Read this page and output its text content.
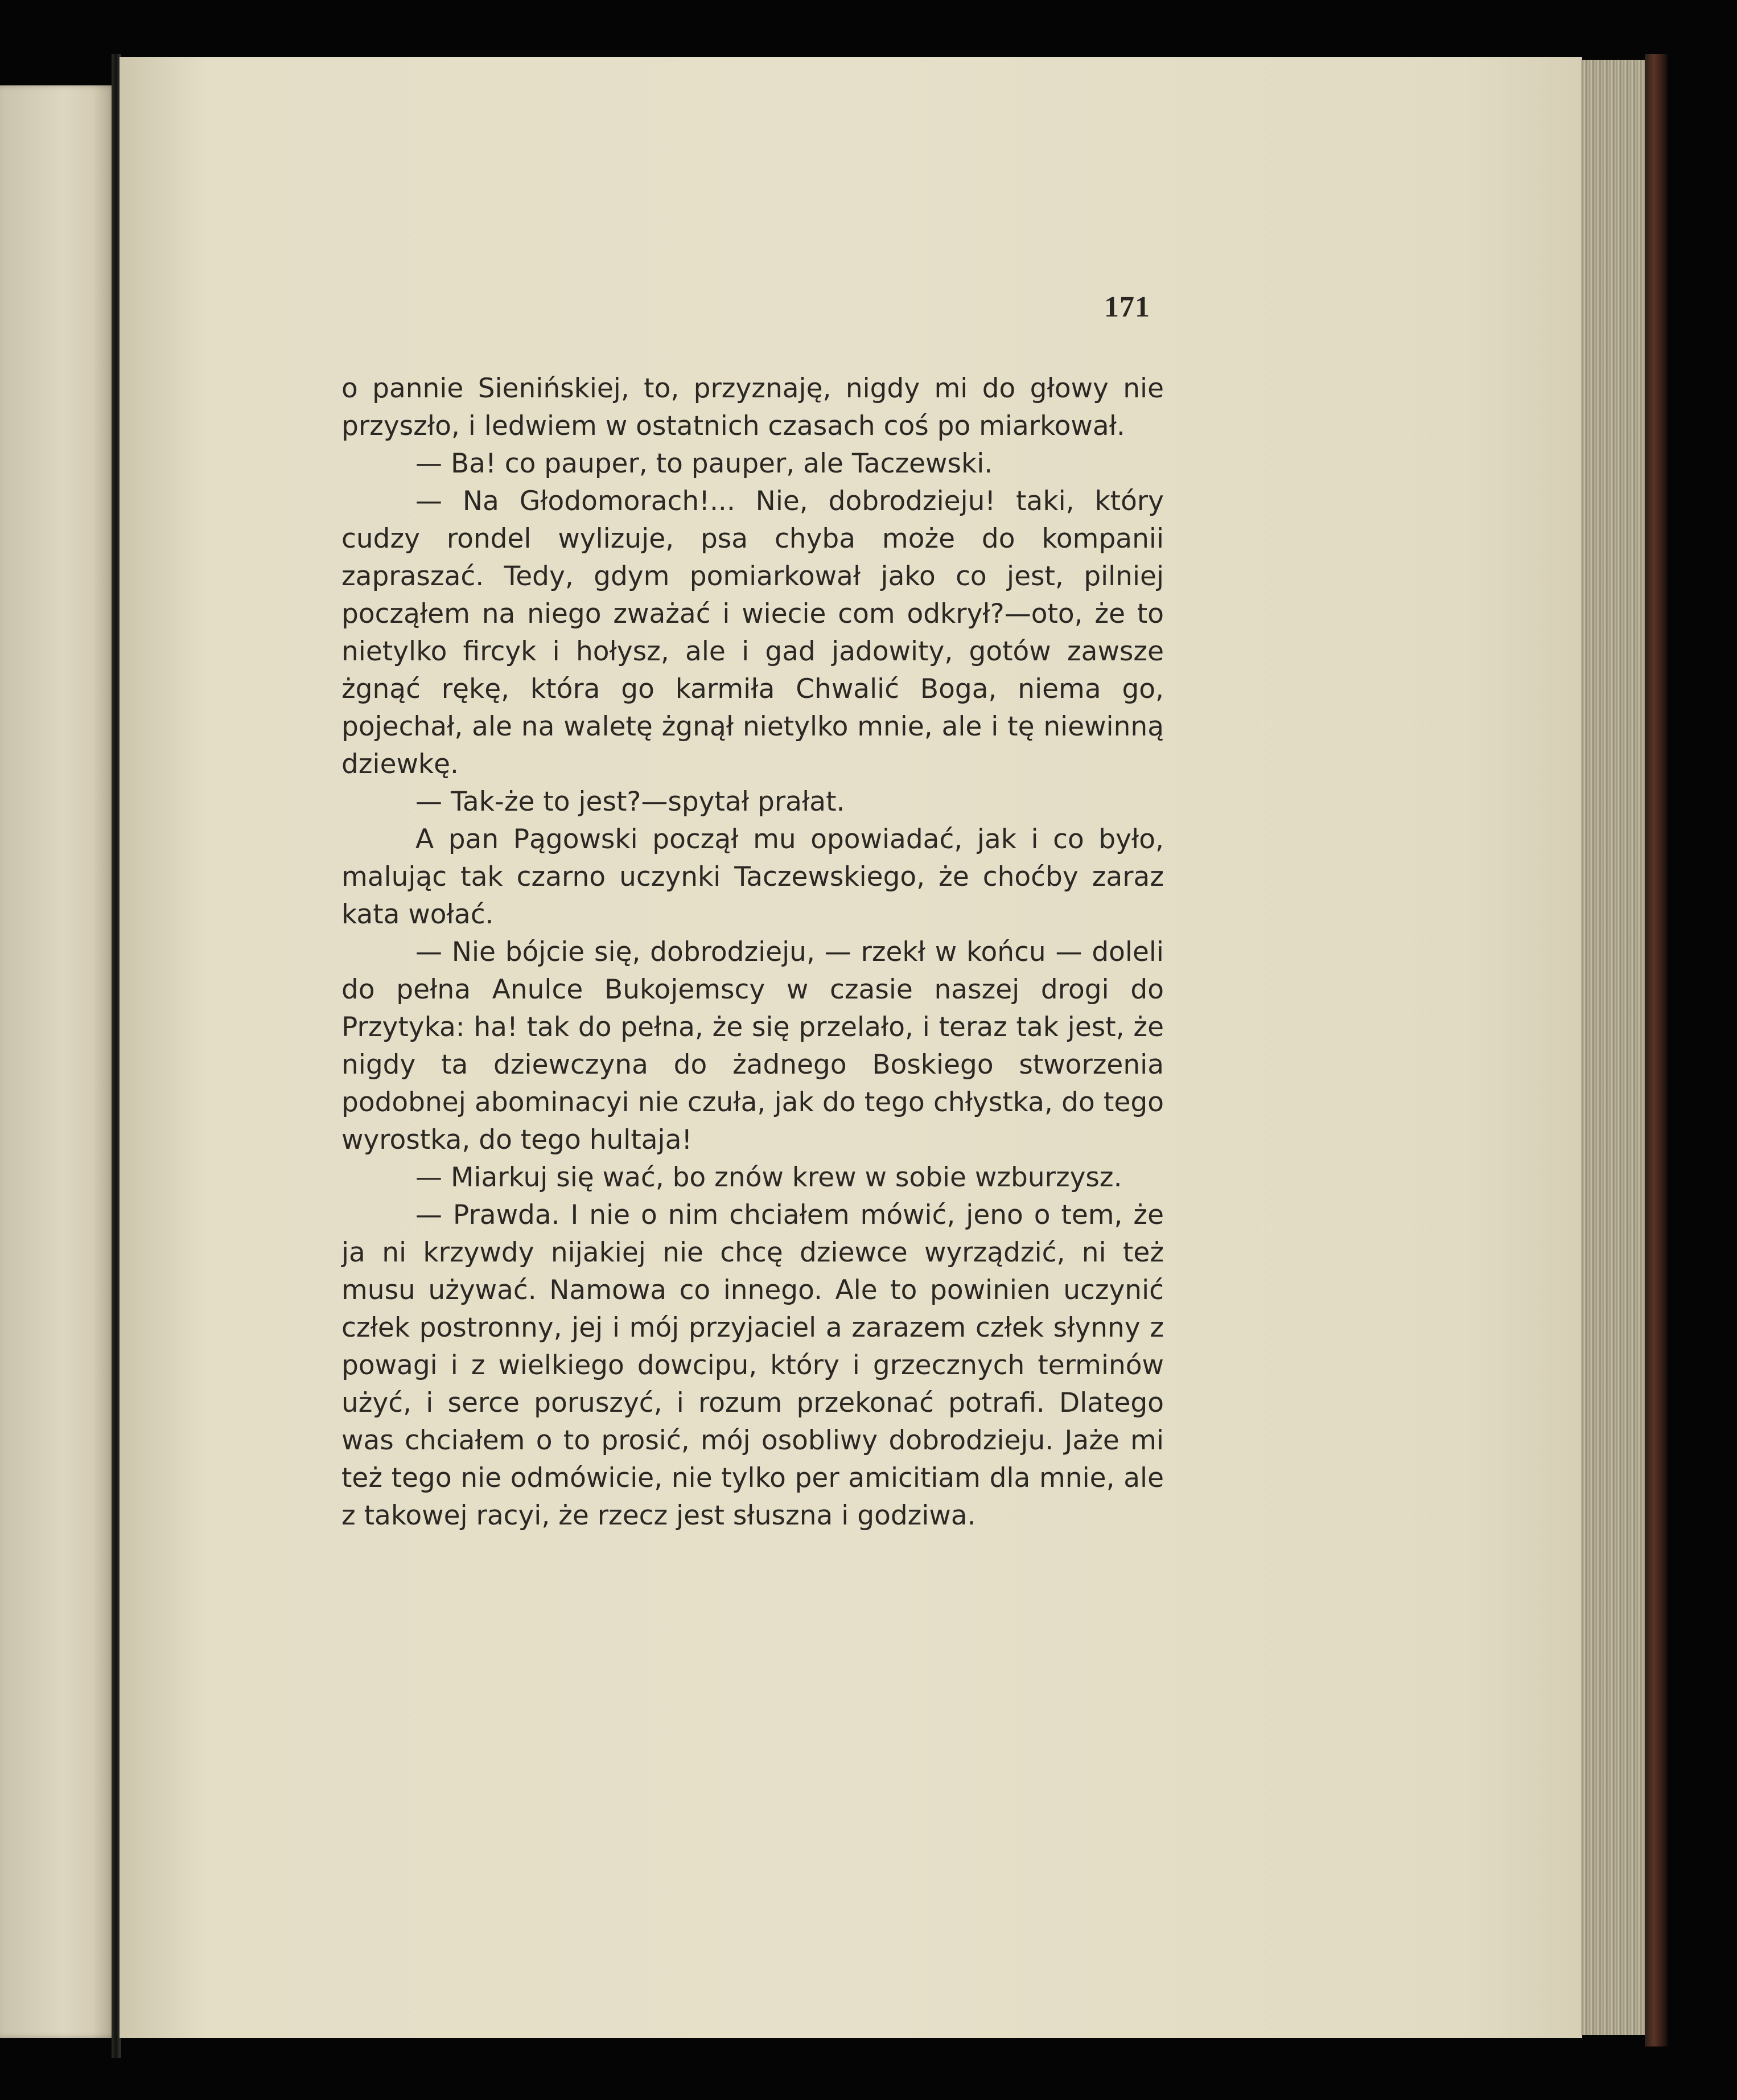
171

o pannie Sienińskiej, to, przyznaję, nigdy mi do głowy nie przyszło, i ledwiem w ostatnich czasach coś po miarkował.

— Ba! co pauper, to pauper, ale Taczewski.

— Na Głodomorach!... Nie, dobrodzieju! taki, który cudzy rondel wylizuje, psa chyba może do kompanii zapraszać. Tedy, gdym pomiarkował jako co jest, pilniej począłem na niego zważać i wiecie com odkrył?—oto, że to nietylko fircyk i hołysz, ale i gad jadowity, gotów zawsze żgnąć rękę, która go karmiła Chwalić Boga, niema go, pojechał, ale na waletę żgnął nietylko mnie, ale i tę niewinną dziewkę.

— Tak-że to jest?—spytał prałat.

A pan Pągowski począł mu opowiadać, jak i co było, malując tak czarno uczynki Taczewskiego, że choćby zaraz kata wołać.

— Nie bójcie się, dobrodzieju, — rzekł w końcu — doleli do pełna Anulce Bukojemscy w czasie naszej drogi do Przytyka: ha! tak do pełna, że się przelało, i teraz tak jest, że nigdy ta dziewczyna do żadnego Boskiego stworzenia podobnej abominacyi nie czuła, jak do tego chłystka, do tego wyrostka, do tego hultaja!

— Miarkuj się wać, bo znów krew w sobie wzburzysz.

— Prawda. I nie o nim chciałem mówić, jeno o tem, że ja ni krzywdy nijakiej nie chcę dziewce wyrządzić, ni też musu używać. Namowa co innego. Ale to powinien uczynić człek postronny, jej i mój przyjaciel a zarazem człek słynny z powagi i z wielkiego dowcipu, który i grzecznych terminów użyć, i serce poruszyć, i rozum przekonać potrafi. Dlatego was chciałem o to prosić, mój osobliwy dobrodzieju. Jaże mi też tego nie odmówicie, nie tylko per amicitiam dla mnie, ale z takowej racyi, że rzecz jest słuszna i godziwa.
